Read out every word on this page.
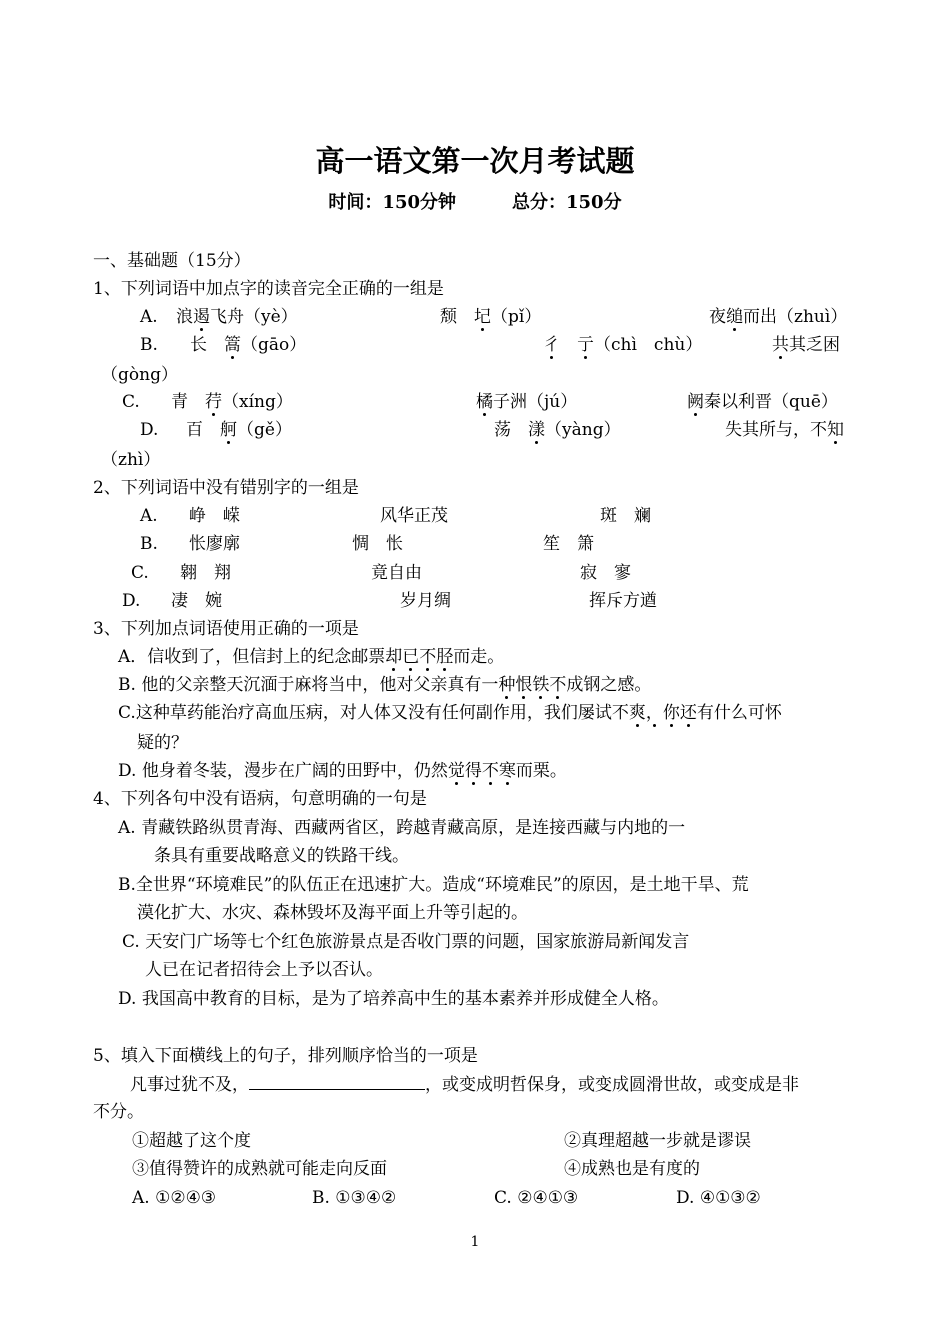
高一语文第一次月考试题
时间：150分钟	总分：150分
一、基础题（15分）
1、下列词语中加点字的读音完全正确的一组是
A. 浪遏飞舟（yè）	颓　 圮（pǐ）	夜缒而出（zhuì）
B. 长　 篙（gāo）	彳　 亍（chì　 chù）	共其乏困
（gòng）
C. 青　 荇（xíng）	橘子洲（jú）	阙秦以利晋（quē）
D. 百　 舸（gě）	荡　 漾（yàng）	失其所与，不知
（zhì）
2、下列词语中没有错别字的一组是
A. 峥　嵘	风华正茂	斑　斓
B. 怅廖廓	惆　怅	笙　箫
C. 翱　翔	竟自由	寂　寥
D. 凄　婉	岁月绸	挥斥方遒
3、下列加点词语使用正确的一项是
A．信收到了，但信封上的纪念邮票却已不胫而走。
B. 他的父亲整天沉湎于麻将当中，他对父亲真有一种恨铁不成钢之感。
C.这种草药能治疗高血压病，对人体又没有任何副作用，我们屡试不爽，你还有什么可怀
疑的？
D. 他身着冬装，漫步在广阔的田野中，仍然觉得不寒而栗。
4、下列各句中没有语病，句意明确的一句是
A. 青藏铁路纵贯青海、西藏两省区，跨越青藏高原，是连接西藏与内地的一
条具有重要战略意义的铁路干线。
B.全世界“环境难民”的队伍正在迅速扩大。造成“环境难民”的原因，是土地干旱、荒
漠化扩大、水灾、森林毁坏及海平面上升等引起的。
C. 天安门广场等七个红色旅游景点是否收门票的问题，国家旅游局新闻发言
人已在记者招待会上予以否认。
D. 我国高中教育的目标，是为了培养高中生的基本素养并形成健全人格。
5、填入下面横线上的句子，排列顺序恰当的一项是
凡事过犹不及，	，或变成明哲保身，或变成圆滑世故，或变成是非
不分。
①超越了这个度	②真理超越一步就是谬误
③值得赞许的成熟就可能走向反面	④成熟也是有度的
A. ①②④③	B. ①③④②	C. ②④①③	D. ④①③②
1
